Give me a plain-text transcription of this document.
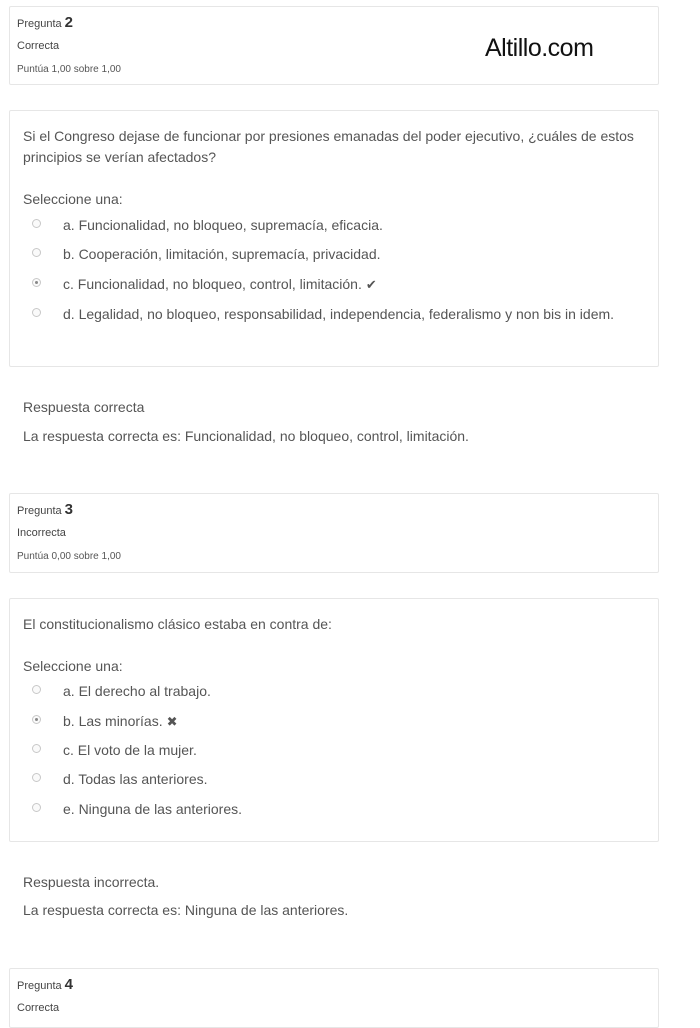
Pregunta 2
Correcta
Puntúa 1,00 sobre 1,00
Altillo.com
Si el Congreso dejase de funcionar por presiones emanadas del poder ejecutivo, ¿cuáles de estos principios se verían afectados?
Seleccione una:
a. Funcionalidad, no bloqueo, supremacía, eficacia.
b. Cooperación, limitación, supremacía, privacidad.
c. Funcionalidad, no bloqueo, control, limitación. ✔
d. Legalidad, no bloqueo, responsabilidad, independencia, federalismo y non bis in idem.
Respuesta correcta
La respuesta correcta es: Funcionalidad, no bloqueo, control, limitación.
Pregunta 3
Incorrecta
Puntúa 0,00 sobre 1,00
El constitucionalismo clásico estaba en contra de:
Seleccione una:
a. El derecho al trabajo.
b. Las minorías. ✖
c. El voto de la mujer.
d. Todas las anteriores.
e. Ninguna de las anteriores.
Respuesta incorrecta.
La respuesta correcta es: Ninguna de las anteriores.
Pregunta 4
Correcta
